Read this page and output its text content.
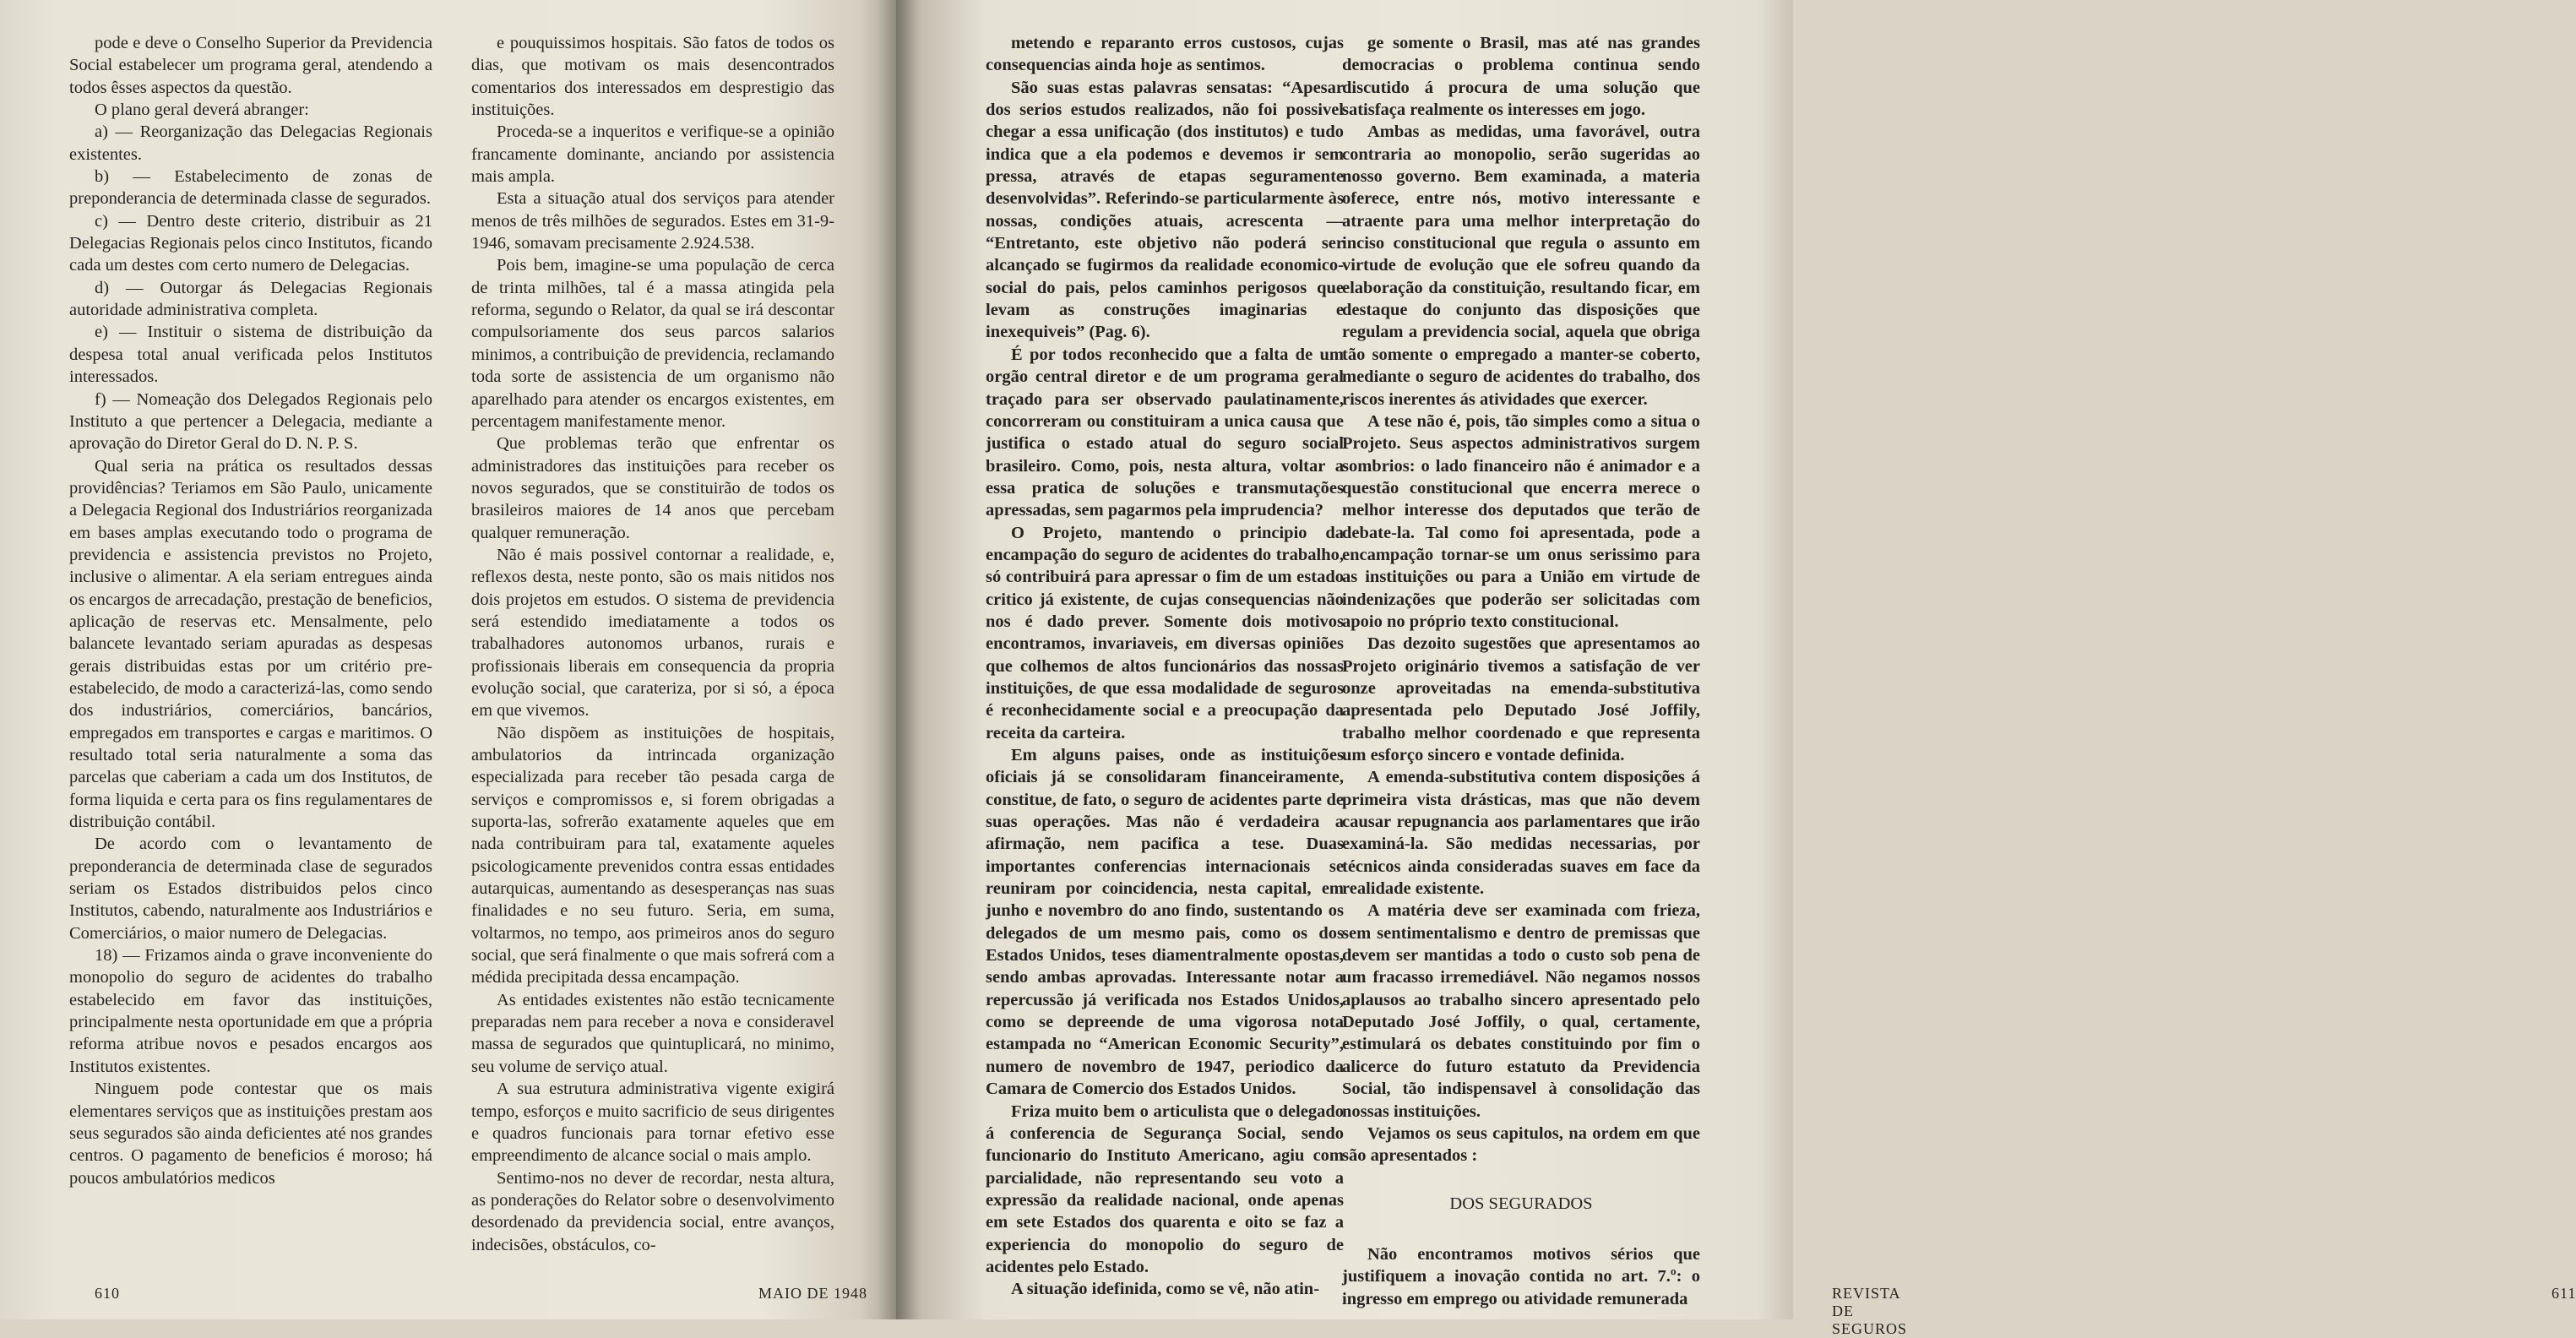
pode e deve o Conselho Superior da Previdencia Social estabelecer um programa geral, atendendo a todos êsses aspectos da questão.

O plano geral deverá abranger:

a) — Reorganização das Delegacias Regionais existentes.

b) — Estabelecimento de zonas de preponderancia de determinada classe de segurados.

c) — Dentro deste criterio, distribuir as 21 Delegacias Regionais pelos cinco Institutos, ficando cada um destes com certo numero de Delegacias.

d) — Outorgar ás Delegacias Regionais autoridade administrativa completa.

e) — Instituir o sistema de distribuição da despesa total anual verificada pelos Institutos interessados.

f) — Nomeação dos Delegados Regionais pelo Instituto a que pertencer a Delegacia, mediante a aprovação do Diretor Geral do D. N. P. S.

Qual seria na prática os resultados dessas providências? Teriamos em São Paulo, unicamente a Delegacia Regional dos Industriários reorganizada em bases amplas executando todo o programa de previdencia e assistencia previstos no Projeto, inclusive o alimentar. A ela seriam entregues ainda os encargos de arrecadação, prestação de beneficios, aplicação de reservas etc. Mensalmente, pelo balancete levantado seriam apuradas as despesas gerais distribuidas estas por um critério pre-estabelecido, de modo a caracterizá-las, como sendo dos industriários, comerciários, bancários, empregados em transportes e cargas e maritimos. O resultado total seria naturalmente a soma das parcelas que caberiam a cada um dos Institutos, de forma liquida e certa para os fins regulamentares de distribuição contábil.

De acordo com o levantamento de preponderancia de determinada clase de segurados seriam os Estados distribuidos pelos cinco Institutos, cabendo, naturalmente aos Industriários e Comerciários, o maior numero de Delegacias.

18) — Frizamos ainda o grave inconveniente do monopolio do seguro de acidentes do trabalho estabelecido em favor das instituições, principalmente nesta oportunidade em que a própria reforma atribue novos e pesados encargos aos Institutos existentes.

Ninguem pode contestar que os mais elementares serviços que as instituições prestam aos seus segurados são ainda deficientes até nos grandes centros. O pagamento de beneficios é moroso; há poucos ambulatórios medicos

e pouquissimos hospitais. São fatos de todos os dias, que motivam os mais desencontrados comentarios dos interessados em desprestigio das instituições.

Proceda-se a inqueritos e verifique-se a opinião francamente dominante, anciando por assistencia mais ampla.

Esta a situação atual dos serviços para atender menos de três milhões de segurados. Estes em 31-9-1946, somavam precisamente 2.924.538.

Pois bem, imagine-se uma população de cerca de trinta milhões, tal é a massa atingida pela reforma, segundo o Relator, da qual se irá descontar compulsoriamente dos seus parcos salarios minimos, a contribuição de previdencia, reclamando toda sorte de assistencia de um organismo não aparelhado para atender os encargos existentes, em percentagem manifestamente menor.

Que problemas terão que enfrentar os administradores das instituições para receber os novos segurados, que se constituirão de todos os brasileiros maiores de 14 anos que percebam qualquer remuneração.

Não é mais possivel contornar a realidade, e, reflexos desta, neste ponto, são os mais nitidos nos dois projetos em estudos. O sistema de previdencia será estendido imediatamente a todos os trabalhadores autonomos urbanos, rurais e profissionais liberais em consequencia da propria evolução social, que carateriza, por si só, a época em que vivemos.

Não dispõem as instituições de hospitais, ambulatorios da intrincada organização especializada para receber tão pesada carga de serviços e compromissos e, si forem obrigadas a suporta-las, sofrerão exatamente aqueles que em nada contribuiram para tal, exatamente aqueles psicologicamente prevenidos contra essas entidades autarquicas, aumentando as desesperanças nas suas finalidades e no seu futuro. Seria, em suma, voltarmos, no tempo, aos primeiros anos do seguro social, que será finalmente o que mais sofrerá com a médida precipitada dessa encampação.

As entidades existentes não estão tecnicamente preparadas nem para receber a nova e consideravel massa de segurados que quintuplicará, no minimo, seu volume de serviço atual.

A sua estrutura administrativa vigente exigirá tempo, esforços e muito sacrificio de seus dirigentes e quadros funcionais para tornar efetivo esse empreendimento de alcance social o mais amplo.

Sentimo-nos no dever de recordar, nesta altura, as ponderações do Relator sobre o desenvolvimento desordenado da previdencia social, entre avanços, indecisões, obstáculos, co-

610	MAIO DE 1948

metendo e reparanto erros custosos, cujas consequencias ainda hoje as sentimos.

São suas estas palavras sensatas: “Apesar dos serios estudos realizados, não foi possivel chegar a essa unificação (dos institutos) e tudo indica que a ela podemos e devemos ir sem pressa, através de etapas seguramente desenvolvidas”. Referindo-se particularmente às nossas, condições atuais, acrescenta — “Entretanto, este objetivo não poderá ser alcançado se fugirmos da realidade economico-social do pais, pelos caminhos perigosos que levam as construções imaginarias e inexequiveis” (Pag. 6).

É por todos reconhecido que a falta de um orgão central diretor e de um programa geral traçado para ser observado paulatinamente, concorreram ou constituiram a unica causa que justifica o estado atual do seguro social brasileiro. Como, pois, nesta altura, voltar a essa pratica de soluções e transmutações apressadas, sem pagarmos pela imprudencia?

O Projeto, mantendo o principio da encampação do seguro de acidentes do trabalho, só contribuirá para apressar o fim de um estado critico já existente, de cujas consequencias não nos é dado prever. Somente dois motivos encontramos, invariaveis, em diversas opiniões que colhemos de altos funcionários das nossas instituições, de que essa modalidade de seguros é reconhecidamente social e a preocupação da receita da carteira.

Em alguns paises, onde as instituições oficiais já se consolidaram financeiramente, constitue, de fato, o seguro de acidentes parte de suas operações. Mas não é verdadeira a afirmação, nem pacifica a tese. Duas importantes conferencias internacionais se reuniram por coincidencia, nesta capital, em junho e novembro do ano findo, sustentando os delegados de um mesmo pais, como os dos Estados Unidos, teses diamentralmente opostas, sendo ambas aprovadas. Interessante notar a repercussão já verificada nos Estados Unidos, como se depreende de uma vigorosa nota estampada no “American Economic Security”, numero de novembro de 1947, periodico da Camara de Comercio dos Estados Unidos.

Friza muito bem o articulista que o delegado á conferencia de Segurança Social, sendo funcionario do Instituto Americano, agiu com parcialidade, não representando seu voto a expressão da realidade nacional, onde apenas em sete Estados dos quarenta e oito se faz a experiencia do monopolio do seguro de acidentes pelo Estado.

A situação idefinida, como se vê, não atin-

ge somente o Brasil, mas até nas grandes democracias o problema continua sendo discutido á procura de uma solução que satisfaça realmente os interesses em jogo.

Ambas as medidas, uma favorável, outra contraria ao monopolio, serão sugeridas ao nosso governo. Bem examinada, a materia oferece, entre nós, motivo interessante e atraente para uma melhor interpretação do inciso constitucional que regula o assunto em virtude de evolução que ele sofreu quando da elaboração da constituição, resultando ficar, em destaque do conjunto das disposições que regulam a previdencia social, aquela que obriga tão somente o empregado a manter-se coberto, mediante o seguro de acidentes do trabalho, dos riscos inerentes ás atividades que exercer.

A tese não é, pois, tão simples como a situa o Projeto. Seus aspectos administrativos surgem sombrios: o lado financeiro não é animador e a questão constitucional que encerra merece o melhor interesse dos deputados que terão de debate-la. Tal como foi apresentada, pode a encampação tornar-se um onus serissimo para as instituições ou para a União em virtude de indenizações que poderão ser solicitadas com apoio no próprio texto constitucional.

Das dezoito sugestões que apresentamos ao Projeto originário tivemos a satisfação de ver onze aproveitadas na emenda-substitutiva apresentada pelo Deputado José Joffily, trabalho melhor coordenado e que representa um esforço sincero e vontade definida.

A emenda-substitutiva contem disposições á primeira vista drásticas, mas que não devem causar repugnancia aos parlamentares que irão examiná-la. São medidas necessarias, por técnicos ainda consideradas suaves em face da realidade existente.

A matéria deve ser examinada com frieza, sem sentimentalismo e dentro de premissas que devem ser mantidas a todo o custo sob pena de um fracasso irremediável. Não negamos nossos aplausos ao trabalho sincero apresentado pelo Deputado José Joffily, o qual, certamente, estimulará os debates constituindo por fim o alicerce do futuro estatuto da Previdencia Social, tão indispensavel à consolidação das nossas instituições.

Vejamos os seus capitulos, na ordem em que são apresentados :

DOS SEGURADOS

Não encontramos motivos sérios que justifiquem a inovação contida no art. 7.º: o ingresso em emprego ou atividade remunerada	REVISTA DE SEGUROS
611
